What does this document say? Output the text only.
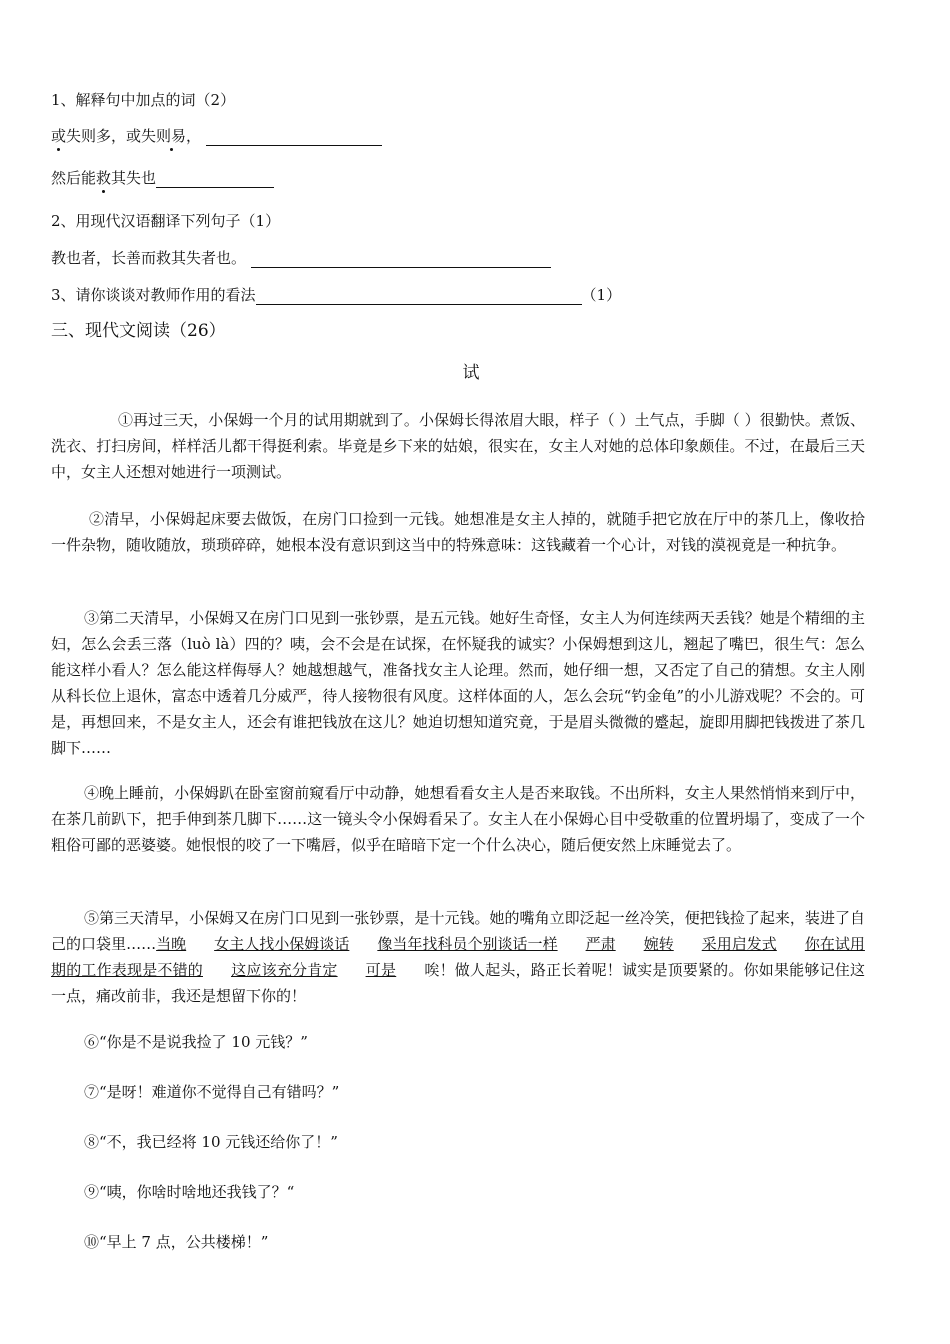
1、解释句中加点的词（2）
或失则多，或失则易，
然后能救其失也
2、用现代汉语翻译下列句子（1）
教也者，长善而救其失者也。
3、请你谈谈对教师作用的看法	（1）
三、现代文阅读（26）
试
①再过三天，小保姆一个月的试用期就到了。小保姆长得浓眉大眼，样子（ ）土气点，手脚（ ）很勤快。煮饭、洗衣、打扫房间，样样活儿都干得挺利索。毕竟是乡下来的姑娘，很实在，女主人对她的总体印象颇佳。不过，在最后三天中，女主人还想对她进行一项测试。
②清早，小保姆起床要去做饭，在房门口捡到一元钱。她想准是女主人掉的，就随手把它放在厅中的茶几上，像收拾一件杂物，随收随放，琐琐碎碎，她根本没有意识到这当中的特殊意味：这钱藏着一个心计，对钱的漠视竟是一种抗争。
③第二天清早，小保姆又在房门口见到一张钞票，是五元钱。她好生奇怪，女主人为何连续两天丢钱？她是个精细的主妇，怎么会丢三落（luò là）四的？咦，会不会是在试探，在怀疑我的诚实？小保姆想到这儿，翘起了嘴巴，很生气：怎么能这样小看人？怎么能这样侮辱人？她越想越气，准备找女主人论理。然而，她仔细一想，又否定了自己的猜想。女主人刚从科长位上退休，富态中透着几分威严，待人接物很有风度。这样体面的人，怎么会玩“钓金龟”的小儿游戏呢？不会的。可是，再想回来，不是女主人，还会有谁把钱放在这儿？她迫切想知道究竟，于是眉头微微的蹙起，旋即用脚把钱拨进了茶几脚下……
④晚上睡前，小保姆趴在卧室窗前窥看厅中动静，她想看看女主人是否来取钱。不出所料，女主人果然悄悄来到厅中，在茶几前趴下，把手伸到茶几脚下……这一镜头令小保姆看呆了。女主人在小保姆心目中受敬重的位置坍塌了，变成了一个粗俗可鄙的恶婆婆。她恨恨的咬了一下嘴唇，似乎在暗暗下定一个什么决心，随后便安然上床睡觉去了。
⑤第三天清早，小保姆又在房门口见到一张钞票，是十元钱。她的嘴角立即泛起一丝冷笑，便把钱捡了起来，装进了自己的口袋里……当晚 女主人找小保姆谈话 像当年找科员个别谈话一样 严肃 婉转 采用启发式 你在试用期的工作表现是不错的 这应该充分肯定 可是 唉！做人起头，路正长着呢！诚实是顶要紧的。你如果能够记住这一点，痛改前非，我还是想留下你的！
⑥“你是不是说我捡了 10 元钱？”
⑦“是呀！难道你不觉得自己有错吗？”
⑧“不，我已经将 10 元钱还给你了！”
⑨“咦，你啥时啥地还我钱了？“
⑩“早上 7 点，公共楼梯！”
